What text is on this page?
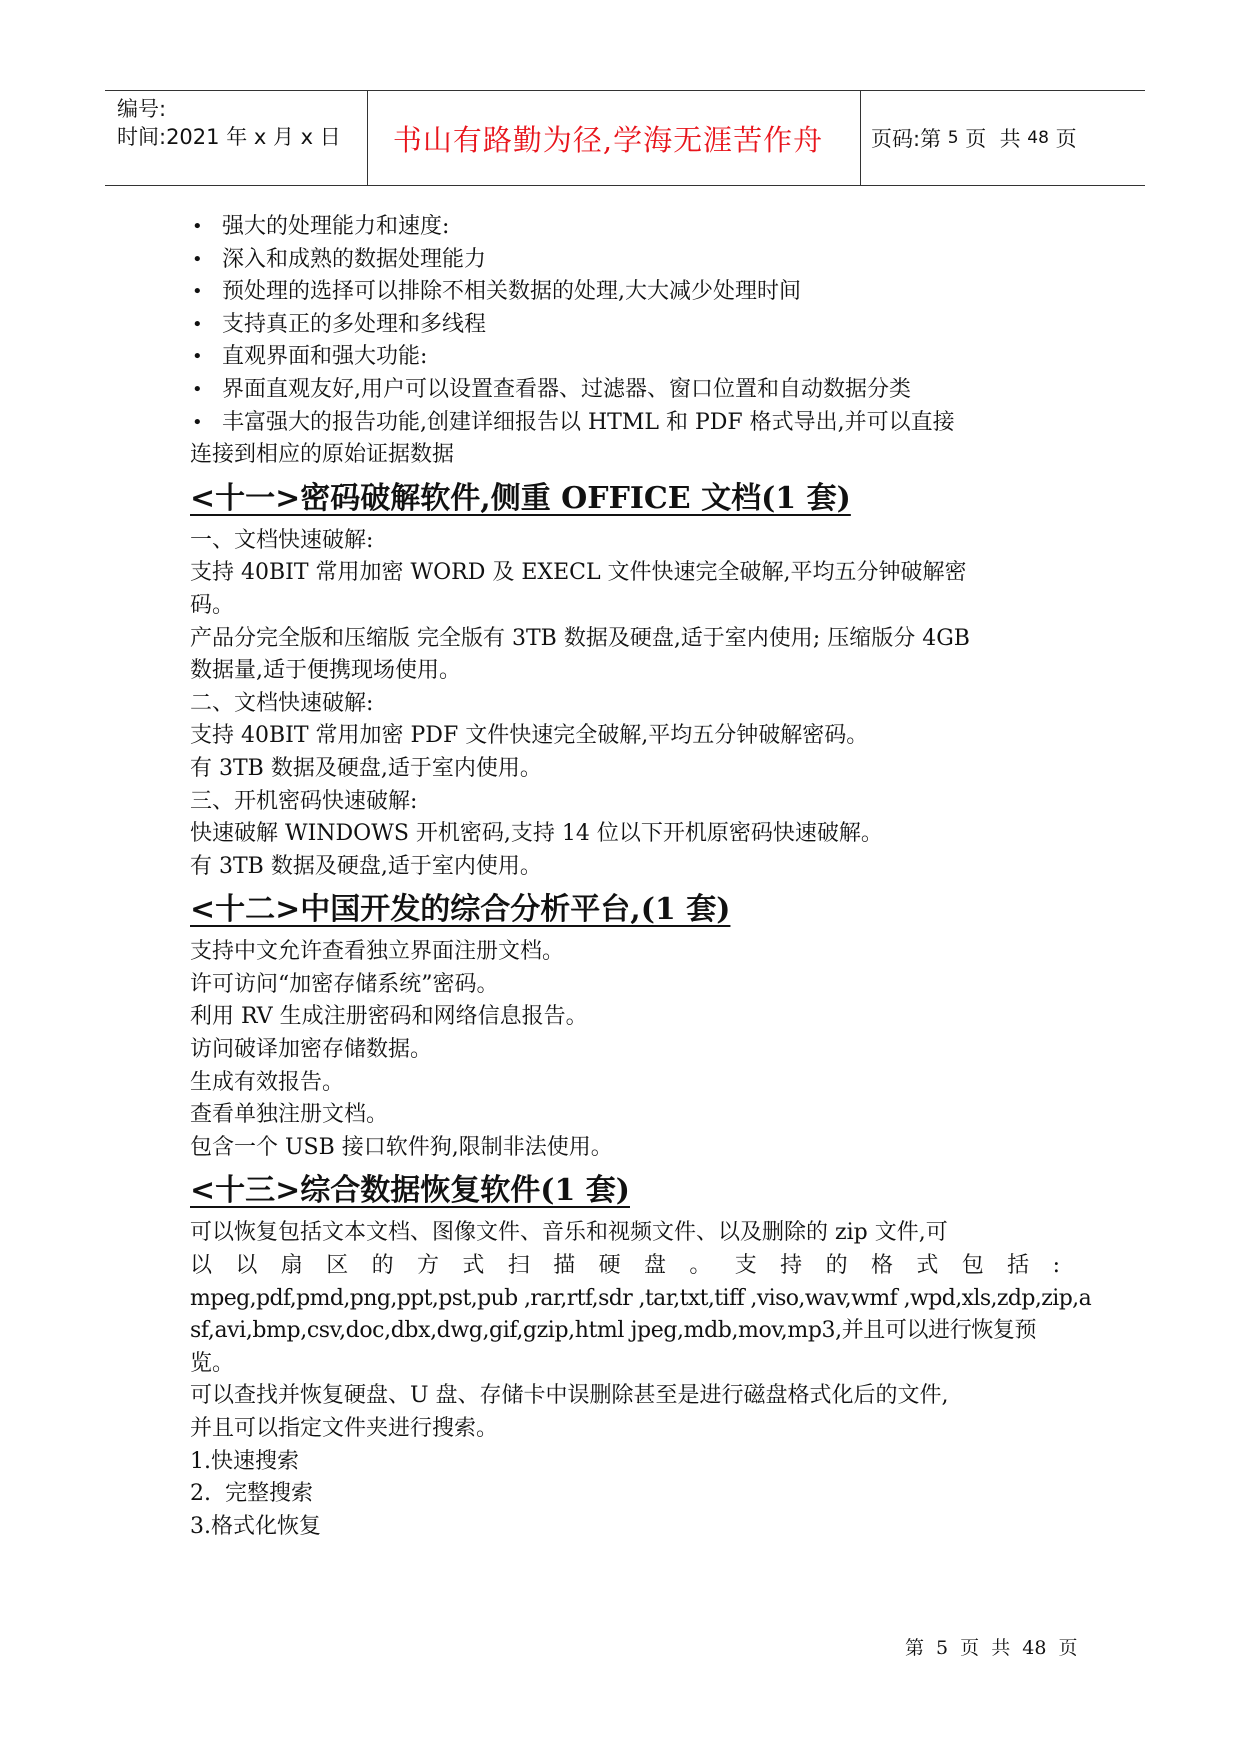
编号:
时间:2021 年 x 月 x 日	书山有路勤为径,学海无涯苦作舟	页码:第 5 页  共 48 页
• 强大的处理能力和速度:
• 深入和成熟的数据处理能力
• 预处理的选择可以排除不相关数据的处理,大大减少处理时间
• 支持真正的多处理和多线程
• 直观界面和强大功能:
• 界面直观友好,用户可以设置查看器、过滤器、窗口位置和自动数据分类
• 丰富强大的报告功能,创建详细报告以 HTML 和 PDF 格式导出,并可以直接
连接到相应的原始证据数据
<十一>密码破解软件,侧重 OFFICE 文档(1 套)
一、文档快速破解:
支持 40BIT 常用加密 WORD 及 EXECL 文件快速完全破解,平均五分钟破解密
码。
产品分完全版和压缩版 完全版有 3TB 数据及硬盘,适于室内使用; 压缩版分 4GB
数据量,适于便携现场使用。
二、文档快速破解:
支持 40BIT 常用加密 PDF 文件快速完全破解,平均五分钟破解密码。
有 3TB 数据及硬盘,适于室内使用。
三、开机密码快速破解:
快速破解 WINDOWS 开机密码,支持 14 位以下开机原密码快速破解。
有 3TB 数据及硬盘,适于室内使用。
<十二>中国开发的综合分析平台,(1 套)
支持中文允许查看独立界面注册文档。
许可访问“加密存储系统”密码。
利用 RV 生成注册密码和网络信息报告。
访问破译加密存储数据。
生成有效报告。
查看单独注册文档。
包含一个 USB 接口软件狗,限制非法使用。
<十三>综合数据恢复软件(1 套)
可以恢复包括文本文档、图像文件、音乐和视频文件、以及删除的 zip 文件,可
以 以 扇 区 的 方 式 扫 描 硬 盘 。 支 持 的 格 式 包 括 :
mpeg,pdf,pmd,png,ppt,pst,pub ,rar,rtf,sdr ,tar,txt,tiff ,viso,wav,wmf ,wpd,xls,zdp,zip,a
sf,avi,bmp,csv,doc,dbx,dwg,gif,gzip,html jpeg,mdb,mov,mp3,并且可以进行恢复预
览。
可以查找并恢复硬盘、U 盘、存储卡中误删除甚至是进行磁盘格式化后的文件,
并且可以指定文件夹进行搜索。
1.快速搜索
2.  完整搜索
3.格式化恢复
第 5 页 共 48 页
